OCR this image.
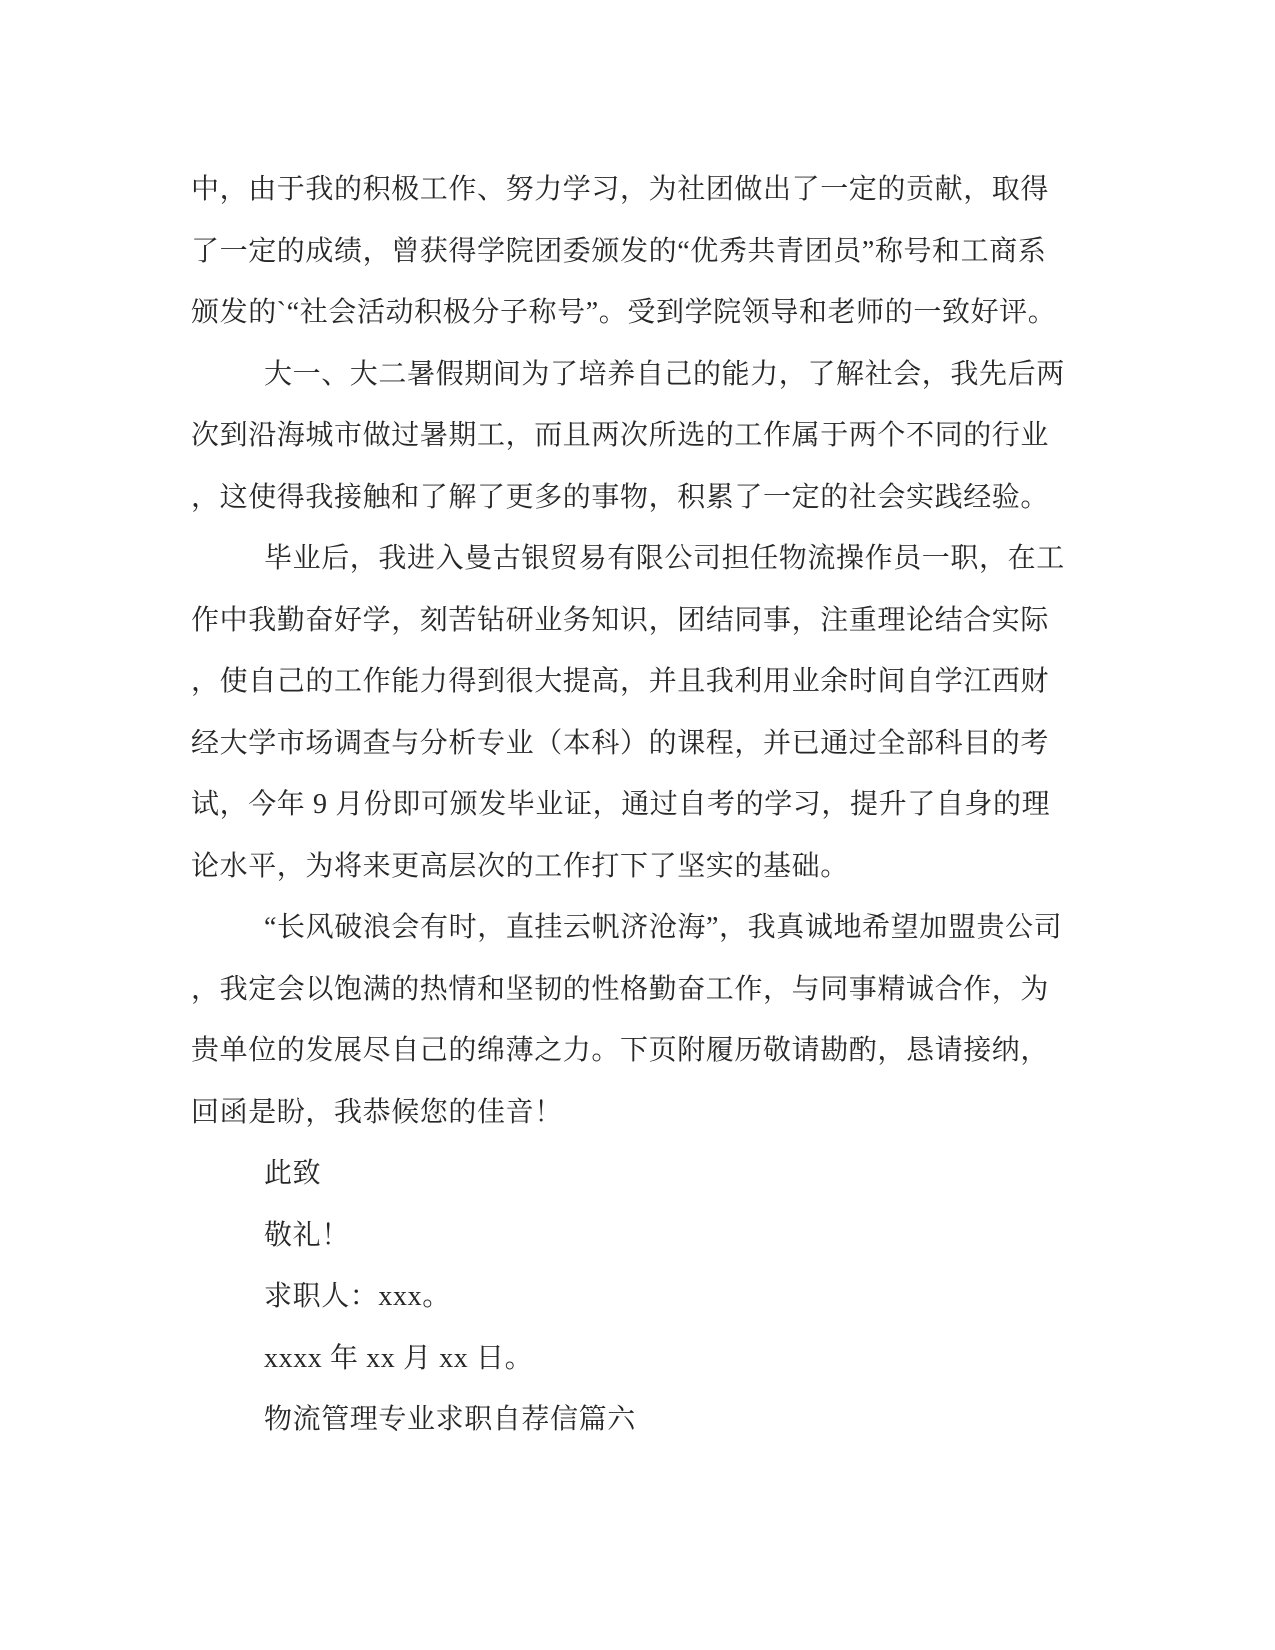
中，由于我的积极工作、努力学习，为社团做出了一定的贡献，取得
了一定的成绩，曾获得学院团委颁发的“优秀共青团员”称号和工商系
颁发的`“社会活动积极分子称号”。受到学院领导和老师的一致好评。
大一、大二暑假期间为了培养自己的能力，了解社会，我先后两
次到沿海城市做过暑期工，而且两次所选的工作属于两个不同的行业
，这使得我接触和了解了更多的事物，积累了一定的社会实践经验。
毕业后，我进入曼古银贸易有限公司担任物流操作员一职，在工
作中我勤奋好学，刻苦钻研业务知识，团结同事，注重理论结合实际
，使自己的工作能力得到很大提高，并且我利用业余时间自学江西财
经大学市场调查与分析专业（本科）的课程，并已通过全部科目的考
试，今年 9 月份即可颁发毕业证，通过自考的学习，提升了自身的理
论水平，为将来更高层次的工作打下了坚实的基础。
“长风破浪会有时，直挂云帆济沧海”，我真诚地希望加盟贵公司
，我定会以饱满的热情和坚韧的性格勤奋工作，与同事精诚合作，为
贵单位的发展尽自己的绵薄之力。下页附履历敬请勘酌，恳请接纳，
回函是盼，我恭候您的佳音！
此致
敬礼！
求职人：xxx。
xxxx 年 xx 月 xx 日。
物流管理专业求职自荐信篇六
